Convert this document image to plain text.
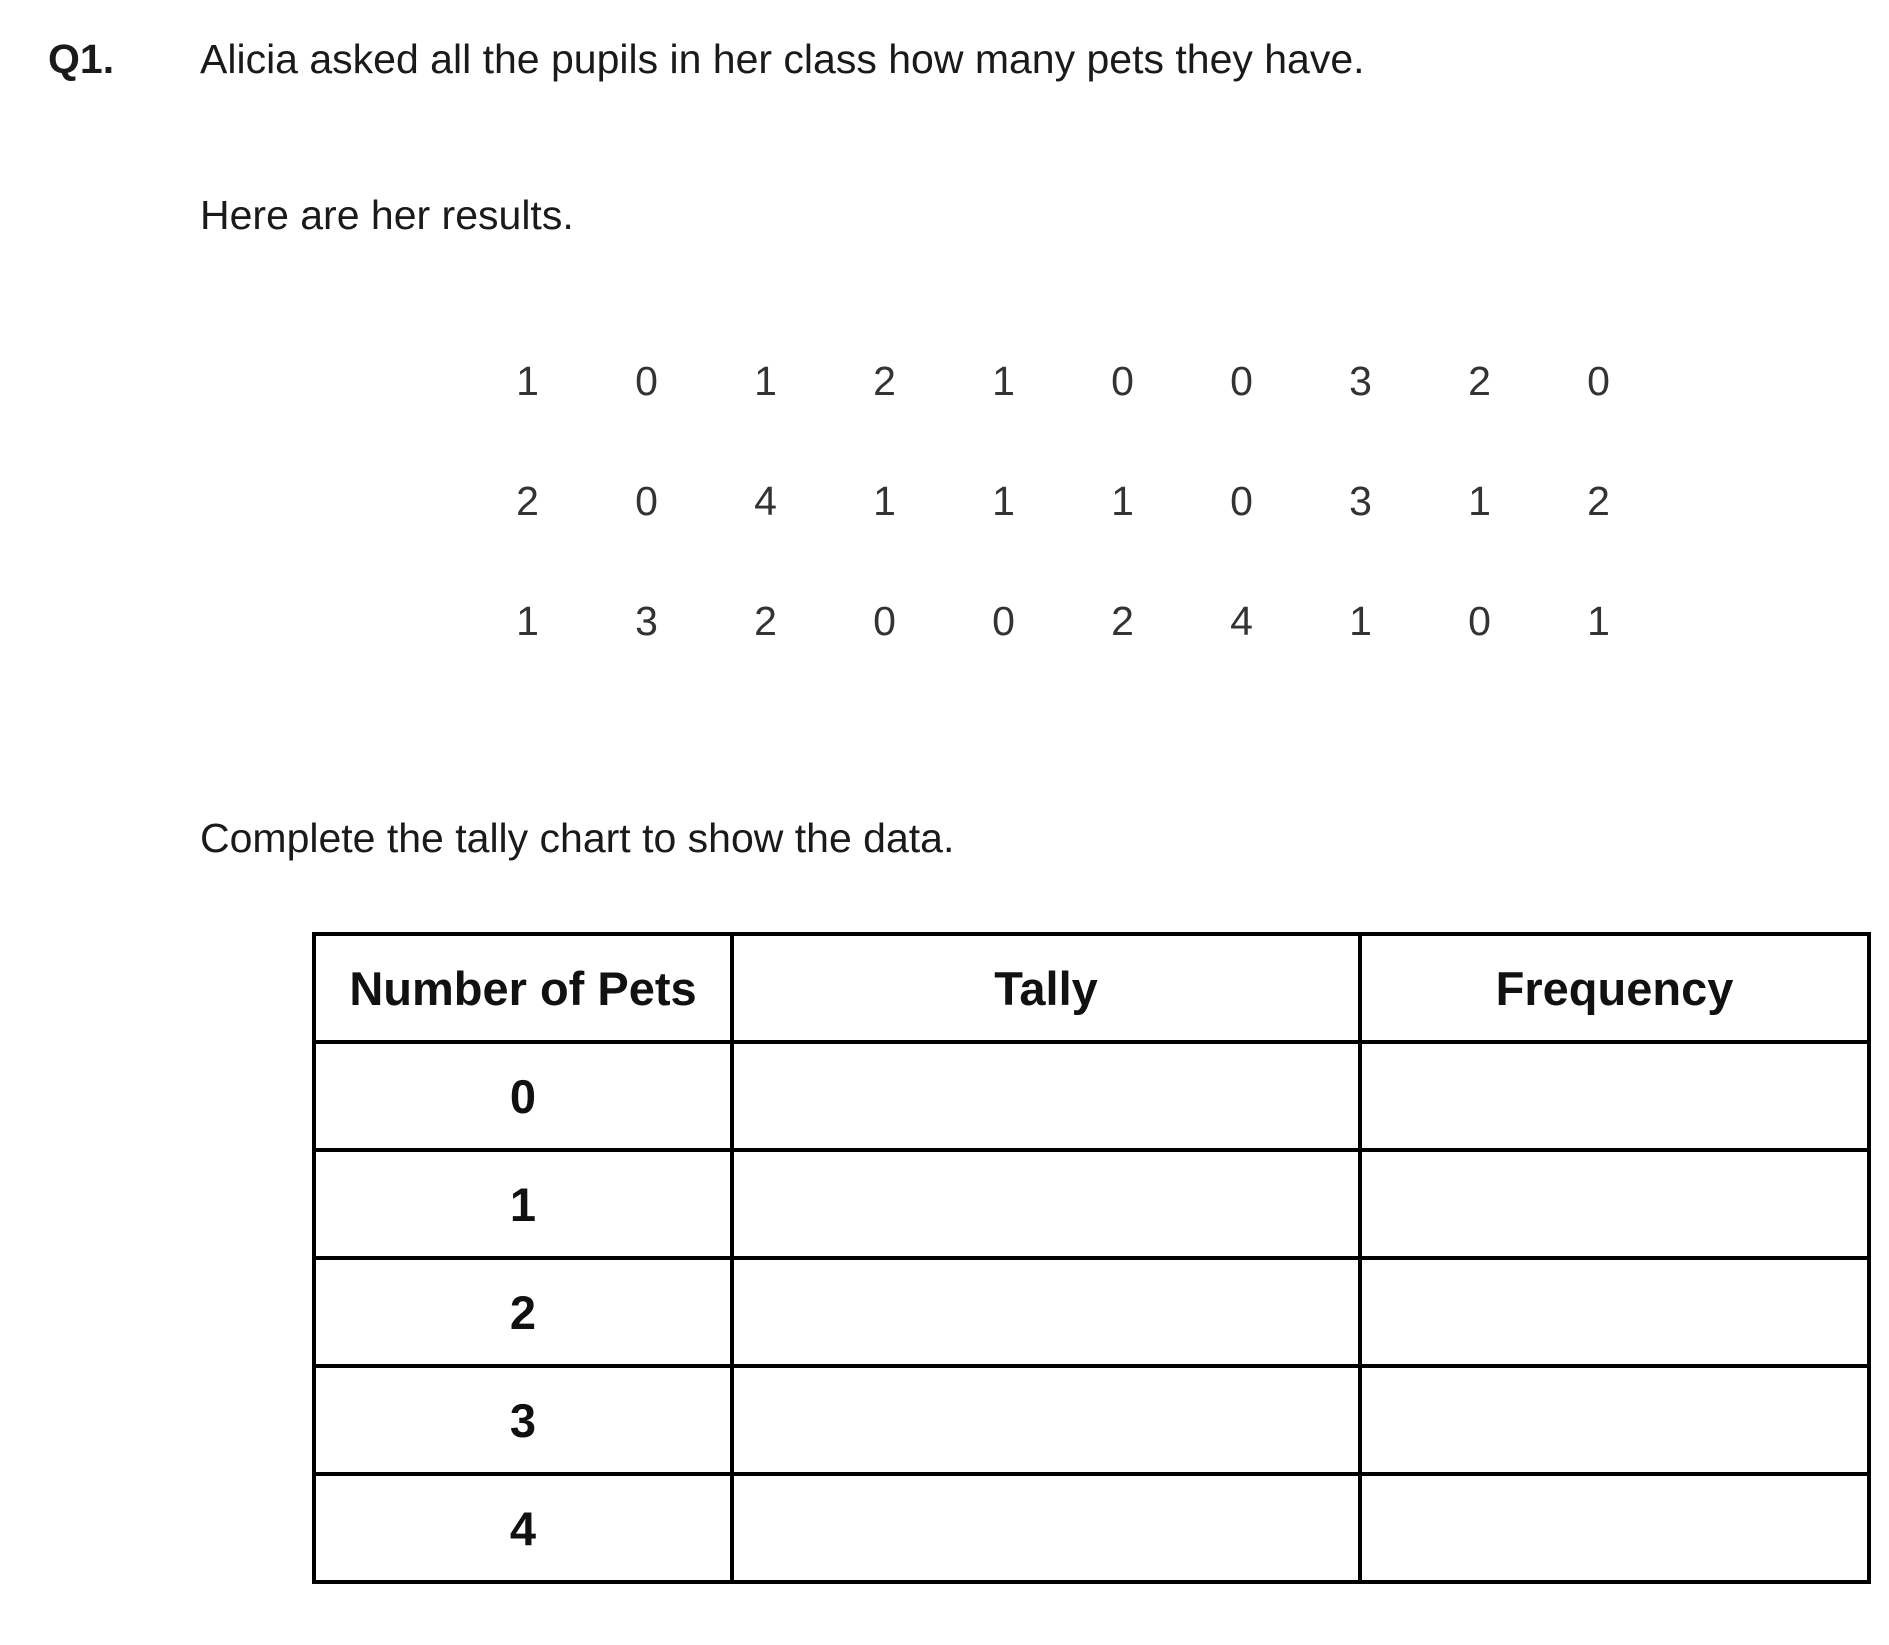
Q1. Alicia asked all the pupils in her class how many pets they have.
Here are her results.
1	0	1	2	1	0	0	3	2	0
2	0	4	1	1	1	0	3	1	2
1	3	2	0	0	2	4	1	0	1
Complete the tally chart to show the data.
Number of Pets	Tally	Frequency
0		
1		
2		
3		
4		
